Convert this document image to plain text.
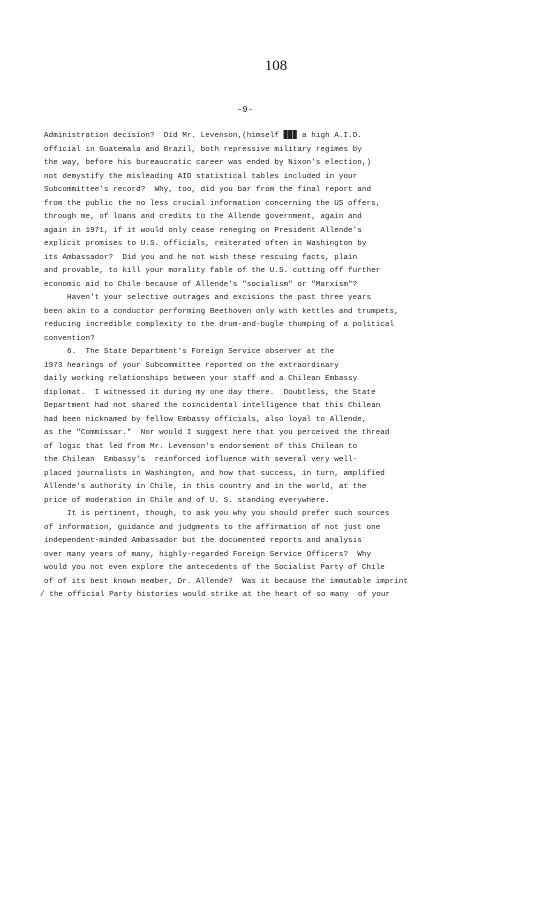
108
-9-
Administration decision?  Did Mr. Levenson,(himself ▉▉▉ a high A.I.D.
official in Guatemala and Brazil, both repressive military regimes by
the way, before his bureaucratic career was ended by Nixon's election,)
not demystify the misleading AID statistical tables included in your
Subcommittee's record?  Why, too, did you bar from the final report and
from the public the no less crucial information concerning the US offers,
through me, of loans and credits to the Allende government, again and
again in 1971, if it would only cease reneging on President Allende's
explicit promises to U.S. officials, reiterated often in Washington by
its Ambassador?  Did you and he not wish these rescuing facts, plain
and provable, to kill your morality fable of the U.S. cutting off further
economic aid to Chile because of Allende's "socialism" or "Marxism"?
Haven't your selective outrages and excisions the past three years
been akin to a conductor performing Beethoven only with kettles and trumpets,
reducing incredible complexity to the drum-and-bugle thumping of a political
convention?
6.  The State Department's Foreign Service observer at the
1973 hearings of your Subcommittee reported on the extraordinary
daily working relationships between your staff and a Chilean Embassy
diplomat.  I witnessed it during my one day there.  Doubtless, the State
Department had not shared the coincidental intelligence that this Chilean
had been nicknamed by fellow Embassy officials, also loyal to Allende,
as the "Commissar."  Nor would I suggest here that you perceived the thread
of logic that led from Mr. Levenson's endorsement of this Chilean to
the Chilean  Embassy's  reinforced influence with several very well-
placed journalists in Washington, and how that success, in turn, amplified
Allende's authority in Chile, in this country and in the world, at the
price of moderation in Chile and of U. S. standing everywhere.
It is pertinent, though, to ask you why you should prefer such sources
of information, guidance and judgments to the affirmation of not just one
independent-minded Ambassador but the documented reports and analysis
over many years of many, highly-regarded Foreign Service Officers?  Why
would you not even explore the antecedents of the Socialist Party of Chile
of of its best known member, Dr. Allende?  Was it because the immutable imprint
/ the official Party histories would strike at the heart of so many  of your
